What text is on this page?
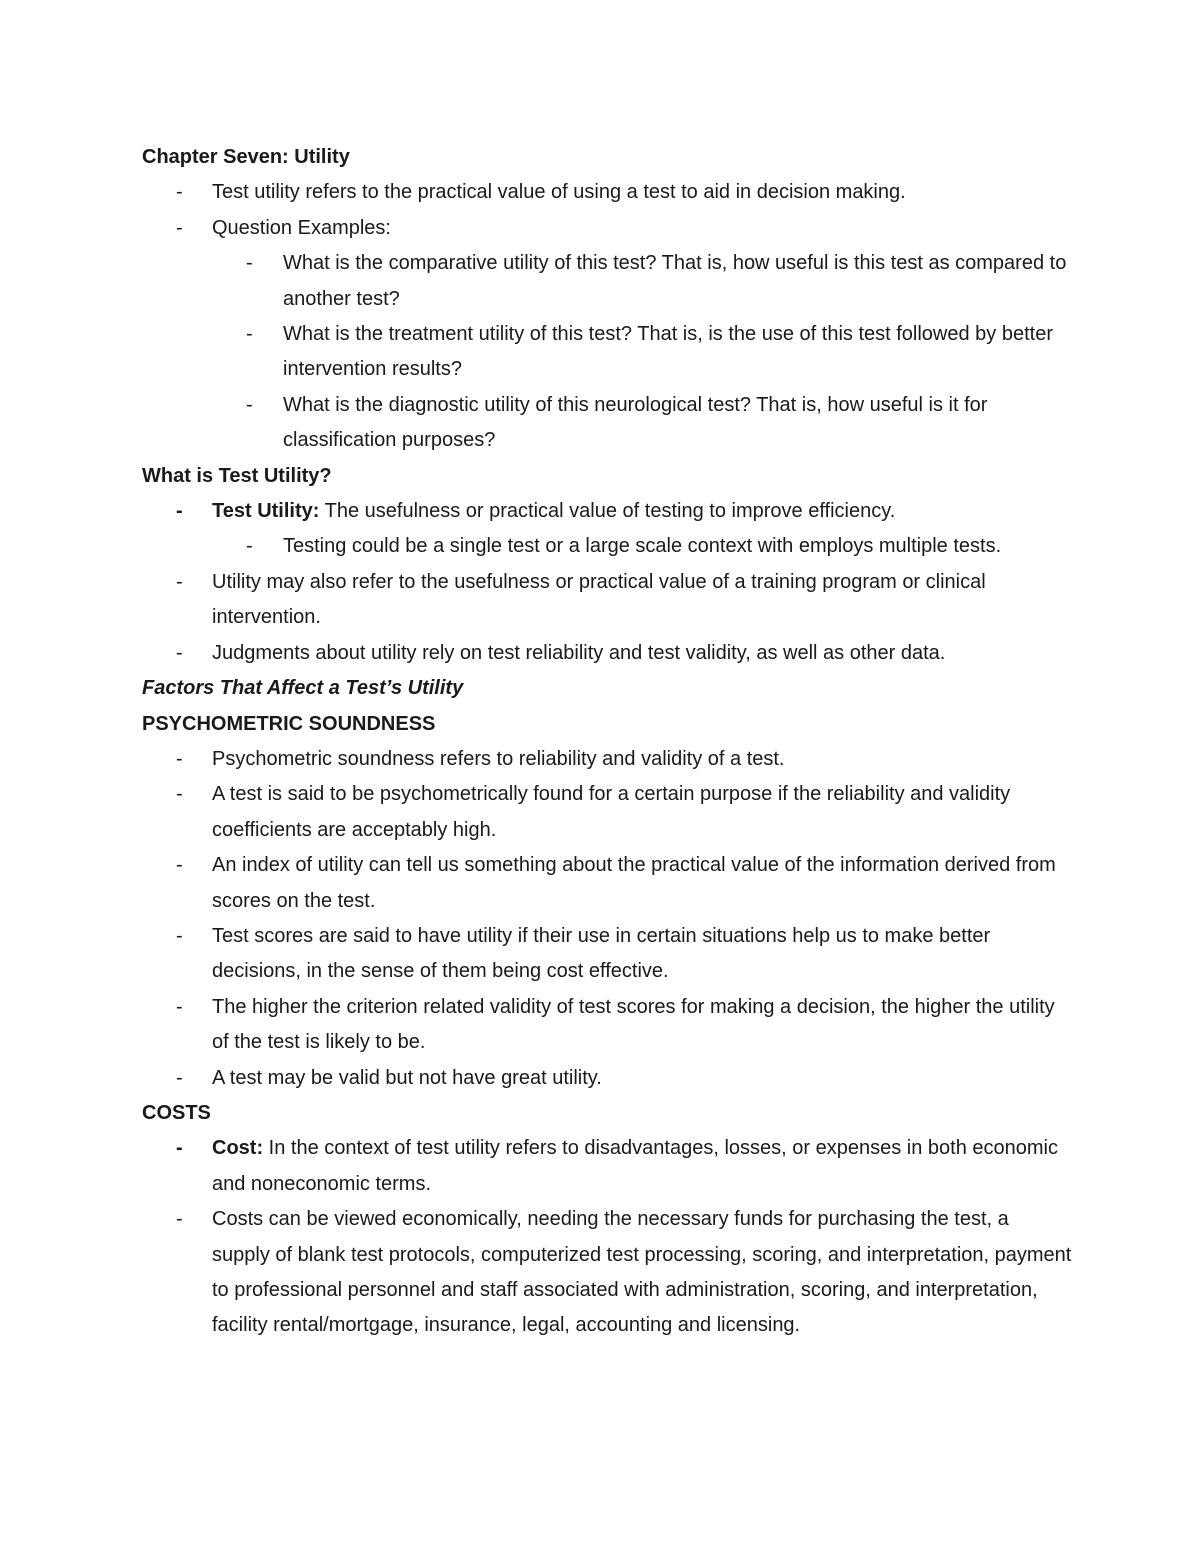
Chapter Seven: Utility

-	Test utility refers to the practical value of using a test to aid in decision making.
-	Question Examples:
-	What is the comparative utility of this test? That is, how useful is this test as compared to another test?
-	What is the treatment utility of this test? That is, is the use of this test followed by better intervention results?
-	What is the diagnostic utility of this neurological test? That is, how useful is it for classification purposes?

What is Test Utility?

-	Test Utility: The usefulness or practical value of testing to improve efficiency.
-	Testing could be a single test or a large scale context with employs multiple tests.
-	Utility may also refer to the usefulness or practical value of a training program or clinical intervention.
-	Judgments about utility rely on test reliability and test validity, as well as other data.

Factors That Affect a Test’s Utility

PSYCHOMETRIC SOUNDNESS

-	Psychometric soundness refers to reliability and validity of a test.
-	A test is said to be psychometrically found for a certain purpose if the reliability and validity coefficients are acceptably high.
-	An index of utility can tell us something about the practical value of the information derived from scores on the test.
-	Test scores are said to have utility if their use in certain situations help us to make better decisions, in the sense of them being cost effective.
-	The higher the criterion related validity of test scores for making a decision, the higher the utility of the test is likely to be.
-	A test may be valid but not have great utility.

COSTS

-	Cost: In the context of test utility refers to disadvantages, losses, or expenses in both economic and noneconomic terms.
-	Costs can be viewed economically, needing the necessary funds for purchasing the test, a supply of blank test protocols, computerized test processing, scoring, and interpretation, payment to professional personnel and staff associated with administration, scoring, and interpretation, facility rental/mortgage, insurance, legal, accounting and licensing.
